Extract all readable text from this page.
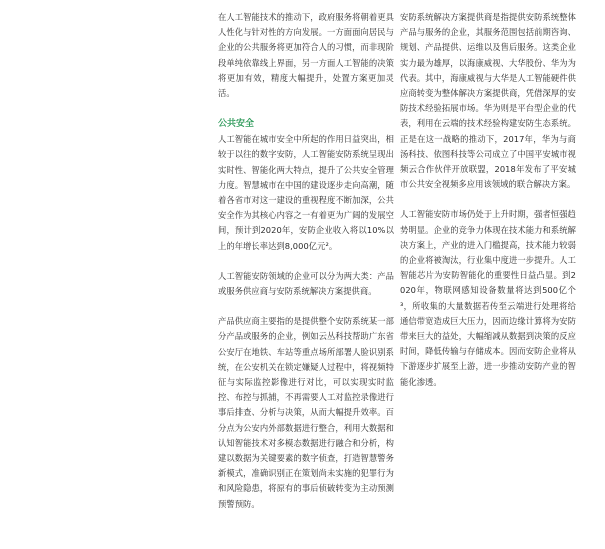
在人工智能技术的推动下，政府服务将朝着更具人性化与针对性的方向发展。一方面面向居民与企业的公共服务将更加符合人的习惯，而非现阶段单纯依靠线上界面，另一方面人工智能的决策将更加有效，精度大幅提升，处置方案更加灵活。

公共安全

人工智能在城市安全中所起的作用日益突出，相较于以往的数字安防，人工智能安防系统呈现出实时性、智能化两大特点，提升了公共安全管理力度。智慧城市在中国的建设逐步走向高潮，随着各省市对这一建设的重视程度不断加深，公共安全作为其核心内容之一有着更为广阔的发展空间，预计到2020年，安防企业收入将以10%以上的年增长率达到8,000亿元²。

人工智能安防领域的企业可以分为两大类：产品或服务供应商与安防系统解决方案提供商。

产品供应商主要指的是提供整个安防系统某一部分产品或服务的企业，例如云丛科技帮助广东省公安厅在地铁、车站等重点场所部署人脸识别系统，在公安机关在锁定嫌疑人过程中，将视频特征与实际监控影像进行对比，可以实现实时监控、布控与抓捕，不再需要人工对监控录像进行事后排查、分析与决策，从而大幅提升效率。百分点为公安内外部数据进行整合，利用大数据和认知智能技术对多模态数据进行融合和分析，构建以数据为关键要素的数字侦查，打造智慧警务新模式，准确识别正在策划尚未实施的犯罪行为和风险隐患，将原有的事后侦破转变为主动预测预警预防。

安防系统解决方案提供商是指提供安防系统整体产品与服务的企业，其服务范围包括前期咨询、规划、产品提供、运维以及售后服务。这类企业实力最为雄厚，以海康威视、大华股份、华为为代表。其中，海康威视与大华是人工智能硬件供应商转变为整体解决方案提供商，凭借深厚的安防技术经验拓展市场。华为则是平台型企业的代表，利用在云端的技术经验构建安防生态系统。正是在这一战略的推动下，2017年，华为与商汤科技、依图科技等公司成立了中国平安城市视频云合作伙伴开放联盟，2018年发布了平安城市公共安全视频多应用该领域的联合解决方案。

人工智能安防市场仍处于上升时期，强者恒强趋势明显。企业的竞争力体现在技术能力和系统解决方案上，产业的进入门槛提高，技术能力较弱的企业将被淘汰，行业集中度进一步提升。人工智能芯片为安防智能化的重要性日益凸显。到2020年，物联网感知设备数量将达到500亿个³，所收集的大量数据若传至云端进行处理将给通信带宽造成巨大压力，因而边缘计算将为安防带来巨大的益处，大幅缩减从数据到决策的反应时间，降低传输与存储成本。因而安防企业将从下游逐步扩展至上游，进一步推动安防产业的智能化渗透。
